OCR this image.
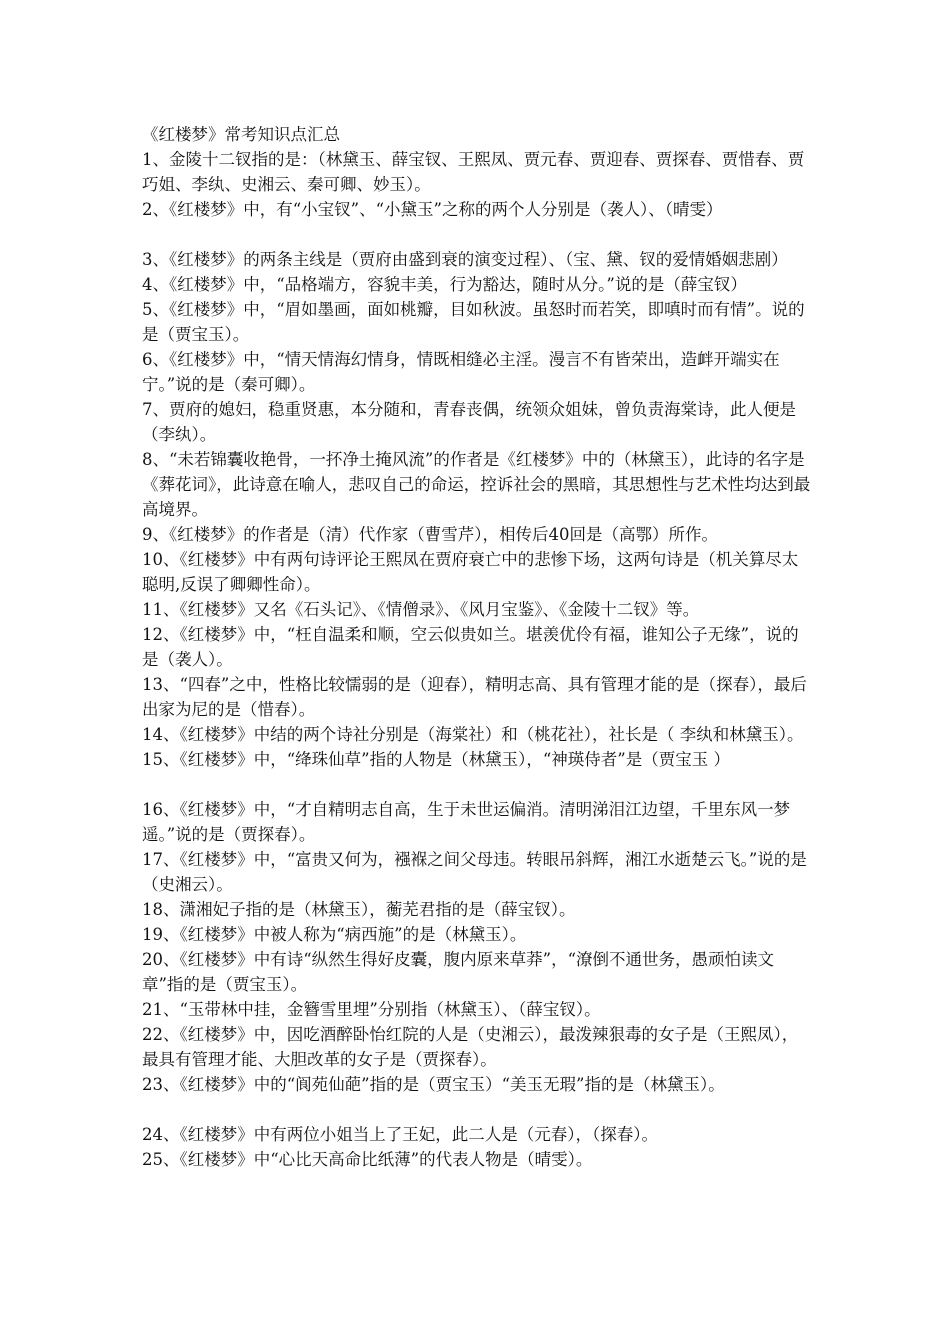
《红楼梦》常考知识点汇总

1、金陵十二钗指的是：（林黛玉、薛宝钗、王熙凤、贾元春、贾迎春、贾探春、贾惜春、贾巧姐、李纨、史湘云、秦可卿、妙玉）。

2、《红楼梦》中，有“小宝钗”、“小黛玉”之称的两个人分别是（袭人）、（晴雯）

3、《红楼梦》的两条主线是（贾府由盛到衰的演变过程）、（宝、黛、钗的爱情婚姻悲剧）

4、《红楼梦》中，“品格端方，容貌丰美，行为豁达，随时从分。”说的是（薛宝钗）

5、《红楼梦》中，“眉如墨画，面如桃瓣，目如秋波。虽怒时而若笑，即嗔时而有情”。说的是（贾宝玉）。

6、《红楼梦》中，“情天情海幻情身，情既相缝必主淫。漫言不有皆荣出，造衅开端实在宁。”说的是（秦可卿）。

7、贾府的媳妇，稳重贤惠，本分随和，青春丧偶，统领众姐妹，曾负责海棠诗，此人便是（李纨）。

8、“未若锦囊收艳骨，一抔净土掩风流”的作者是《红楼梦》中的（林黛玉），此诗的名字是《葬花词》，此诗意在喻人，悲叹自己的命运，控诉社会的黑暗，其思想性与艺术性均达到最高境界。

9、《红楼梦》的作者是（清）代作家（曹雪芹），相传后40回是（高鄂）所作。

10、《红楼梦》中有两句诗评论王熙凤在贾府衰亡中的悲惨下场，这两句诗是（机关算尽太聪明,反误了卿卿性命）。

11、《红楼梦》又名《石头记》、《情僧录》、《风月宝鉴》、《金陵十二钗》等。

12、《红楼梦》中，“枉自温柔和顺，空云似贵如兰。堪羡优伶有福，谁知公子无缘”，说的是（袭人）。

13、“四春”之中，性格比较懦弱的是（迎春），精明志高、具有管理才能的是（探春），最后出家为尼的是（惜春）。

14、《红楼梦》中结的两个诗社分别是（海棠社）和（桃花社），社长是（ 李纨和林黛玉）。

15、《红楼梦》中，“绛珠仙草”指的人物是（林黛玉），“神瑛侍者”是（贾宝玉 ）

16、《红楼梦》中，“才自精明志自高，生于未世运偏消。清明涕泪江边望，千里东风一梦遥。”说的是（贾探春）。

17、《红楼梦》中，“富贵又何为，襁褓之间父母违。转眼吊斜辉，湘江水逝楚云飞。”说的是（史湘云）。

18、潇湘妃子指的是（林黛玉），蘅芜君指的是（薛宝钗）。

19、《红楼梦》中被人称为“病西施”的是（林黛玉）。

20、《红楼梦》中有诗“纵然生得好皮囊，腹内原来草莽”，“潦倒不通世务，愚顽怕读文章”指的是（贾宝玉）。

21、“玉带林中挂，金簪雪里埋”分别指（林黛玉）、（薛宝钗）。

22、《红楼梦》中，因吃酒醉卧怡红院的人是（史湘云），最泼辣狠毒的女子是（王熙凤），最具有管理才能、大胆改革的女子是（贾探春）。

23、《红楼梦》中的“阆苑仙葩”指的是（贾宝玉）“美玉无瑕”指的是（林黛玉）。

24、《红楼梦》中有两位小姐当上了王妃，此二人是（元春），（探春）。

25、《红楼梦》中“心比天高命比纸薄”的代表人物是（晴雯）。
